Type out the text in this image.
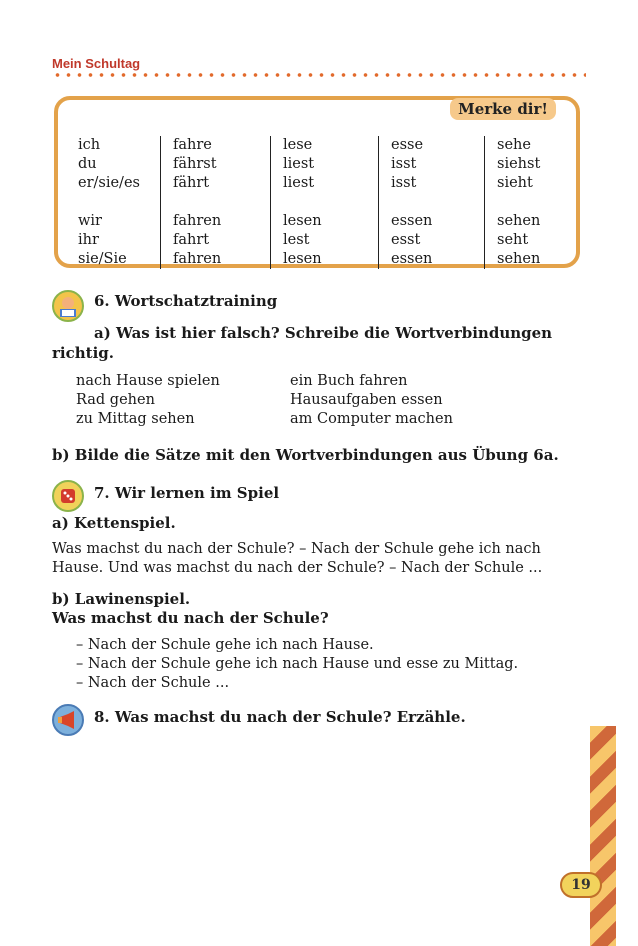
Mein Schultag
Merke dir!
ich
du
er/sie/es
wir
ihr
sie/Sie
fahre
fährst
fährt
fahren
fahrt
fahren
lese
liest
liest
lesen
lest
lesen
esse
isst
isst
essen
esst
essen
sehe
siehst
sieht
sehen
seht
sehen
6. Wortschatztraining
a) Was ist hier falsch? Schreibe die Wortverbindungen
richtig.
nach Hause spielen
Rad gehen
zu Mittag sehen
ein Buch fahren
Hausaufgaben essen
am Computer machen
b) Bilde die Sätze mit den Wortverbindungen aus Übung 6a.
7. Wir lernen im Spiel
a) Kettenspiel.
Was machst du nach der Schule? – Nach der Schule gehe ich nach
Hause. Und was machst du nach der Schule? – Nach der Schule ...
b) Lawinenspiel.
Was machst du nach der Schule?
– Nach der Schule gehe ich nach Hause.
– Nach der Schule gehe ich nach Hause und esse zu Mittag.
– Nach der Schule ...
8. Was machst du nach der Schule? Erzähle.
19
